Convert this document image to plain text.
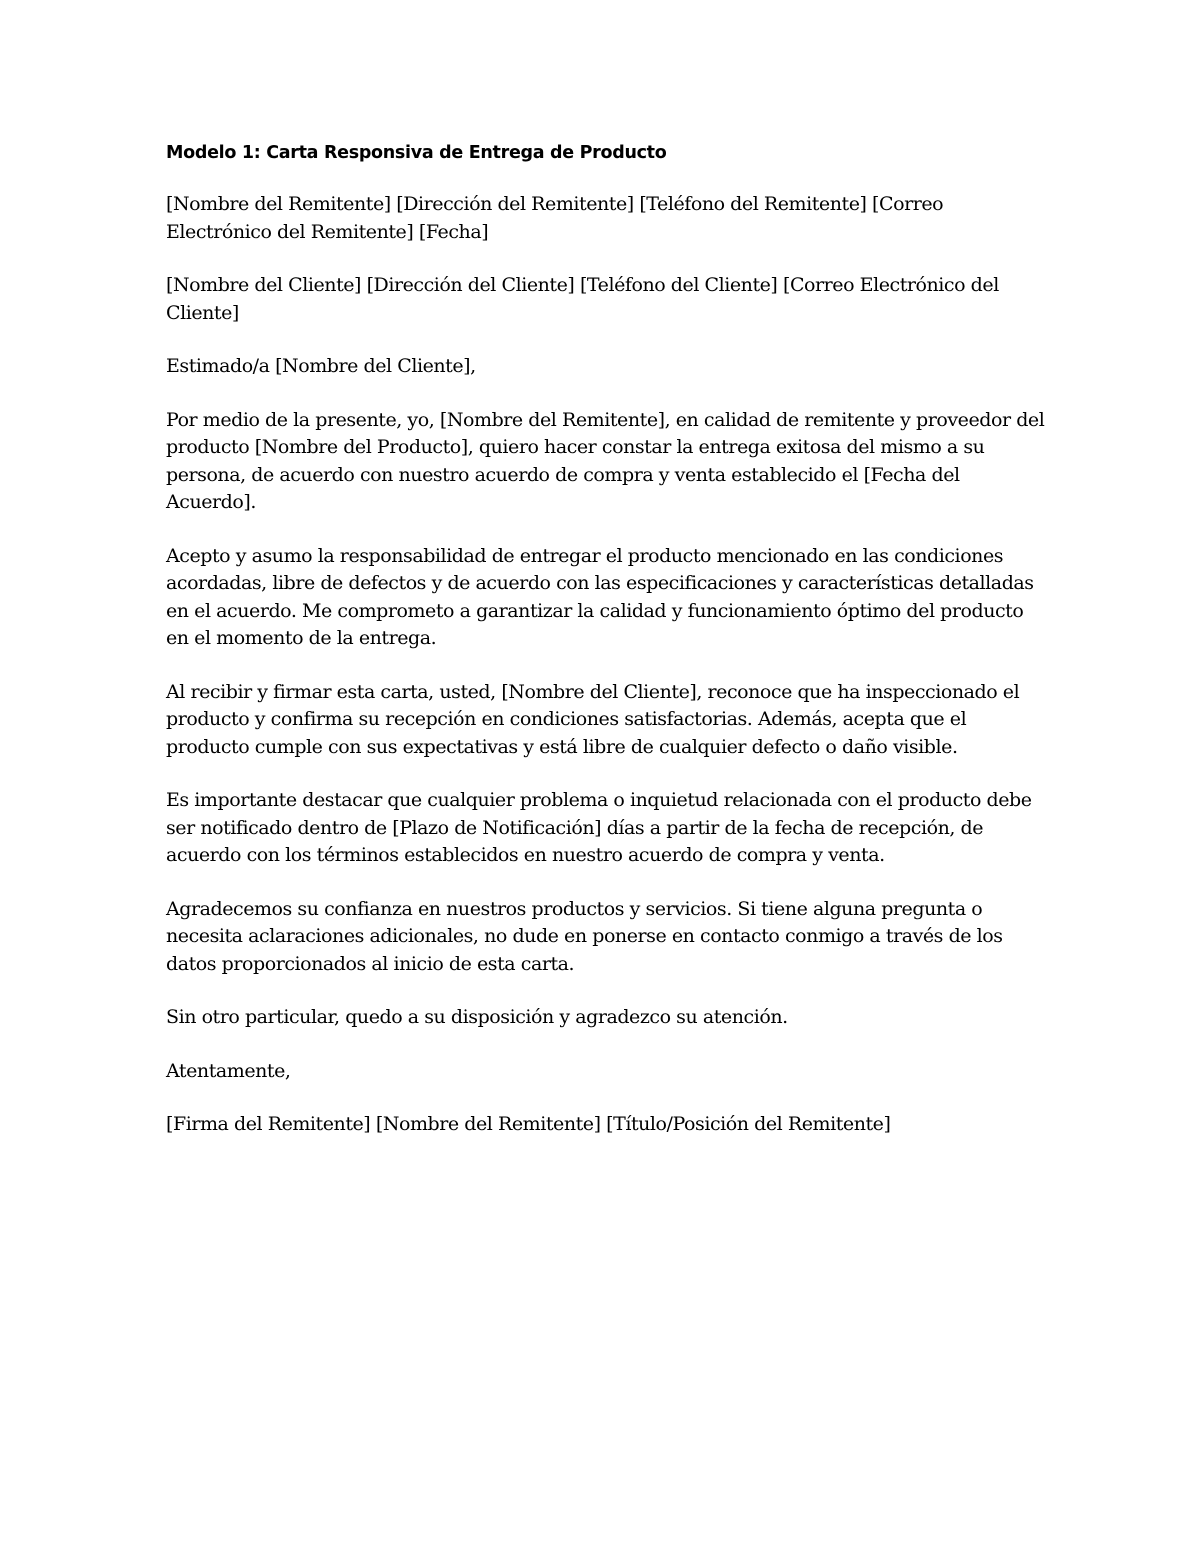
Modelo 1: Carta Responsiva de Entrega de Producto

[Nombre del Remitente] [Dirección del Remitente] [Teléfono del Remitente] [Correo Electrónico del Remitente] [Fecha]

[Nombre del Cliente] [Dirección del Cliente] [Teléfono del Cliente] [Correo Electrónico del Cliente]

Estimado/a [Nombre del Cliente],

Por medio de la presente, yo, [Nombre del Remitente], en calidad de remitente y proveedor del producto [Nombre del Producto], quiero hacer constar la entrega exitosa del mismo a su persona, de acuerdo con nuestro acuerdo de compra y venta establecido el [Fecha del Acuerdo].

Acepto y asumo la responsabilidad de entregar el producto mencionado en las condiciones acordadas, libre de defectos y de acuerdo con las especificaciones y características detalladas en el acuerdo. Me comprometo a garantizar la calidad y funcionamiento óptimo del producto en el momento de la entrega.

Al recibir y firmar esta carta, usted, [Nombre del Cliente], reconoce que ha inspeccionado el producto y confirma su recepción en condiciones satisfactorias. Además, acepta que el producto cumple con sus expectativas y está libre de cualquier defecto o daño visible.

Es importante destacar que cualquier problema o inquietud relacionada con el producto debe ser notificado dentro de [Plazo de Notificación] días a partir de la fecha de recepción, de acuerdo con los términos establecidos en nuestro acuerdo de compra y venta.

Agradecemos su confianza en nuestros productos y servicios. Si tiene alguna pregunta o necesita aclaraciones adicionales, no dude en ponerse en contacto conmigo a través de los datos proporcionados al inicio de esta carta.

Sin otro particular, quedo a su disposición y agradezco su atención.

Atentamente,

[Firma del Remitente] [Nombre del Remitente] [Título/Posición del Remitente]
